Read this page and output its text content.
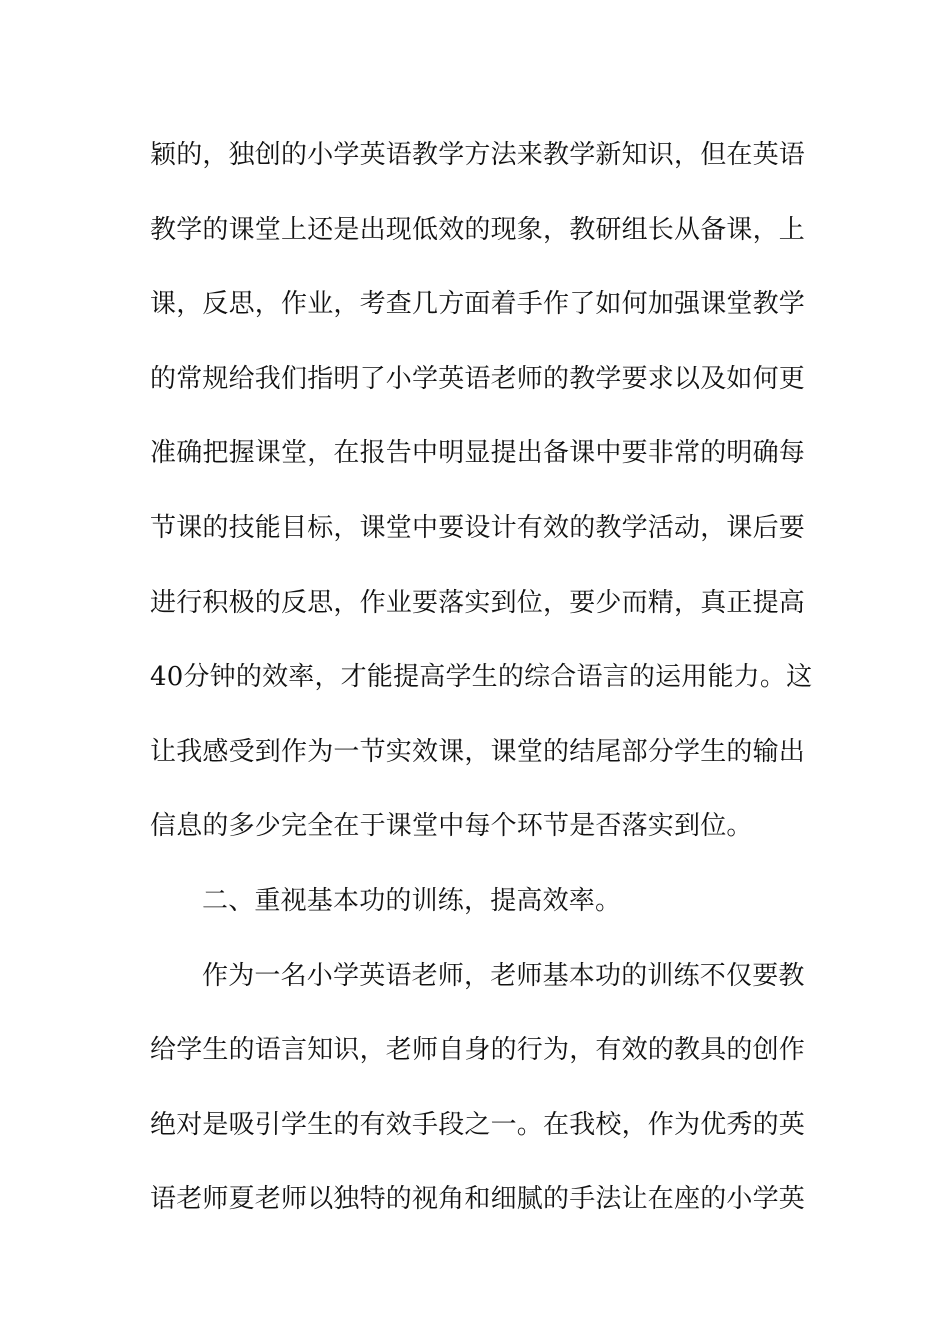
颖的，独创的小学英语教学方法来教学新知识，但在英语
教学的课堂上还是出现低效的现象，教研组长从备课，上
课，反思，作业，考查几方面着手作了如何加强课堂教学
的常规给我们指明了小学英语老师的教学要求以及如何更
准确把握课堂，在报告中明显提出备课中要非常的明确每
节课的技能目标，课堂中要设计有效的教学活动，课后要
进行积极的反思，作业要落实到位，要少而精，真正提高
40分钟的效率，才能提高学生的综合语言的运用能力。这
让我感受到作为一节实效课，课堂的结尾部分学生的输出
信息的多少完全在于课堂中每个环节是否落实到位。
二、重视基本功的训练，提高效率。
作为一名小学英语老师，老师基本功的训练不仅要教
给学生的语言知识，老师自身的行为，有效的教具的创作
绝对是吸引学生的有效手段之一。在我校，作为优秀的英
语老师夏老师以独特的视角和细腻的手法让在座的小学英
